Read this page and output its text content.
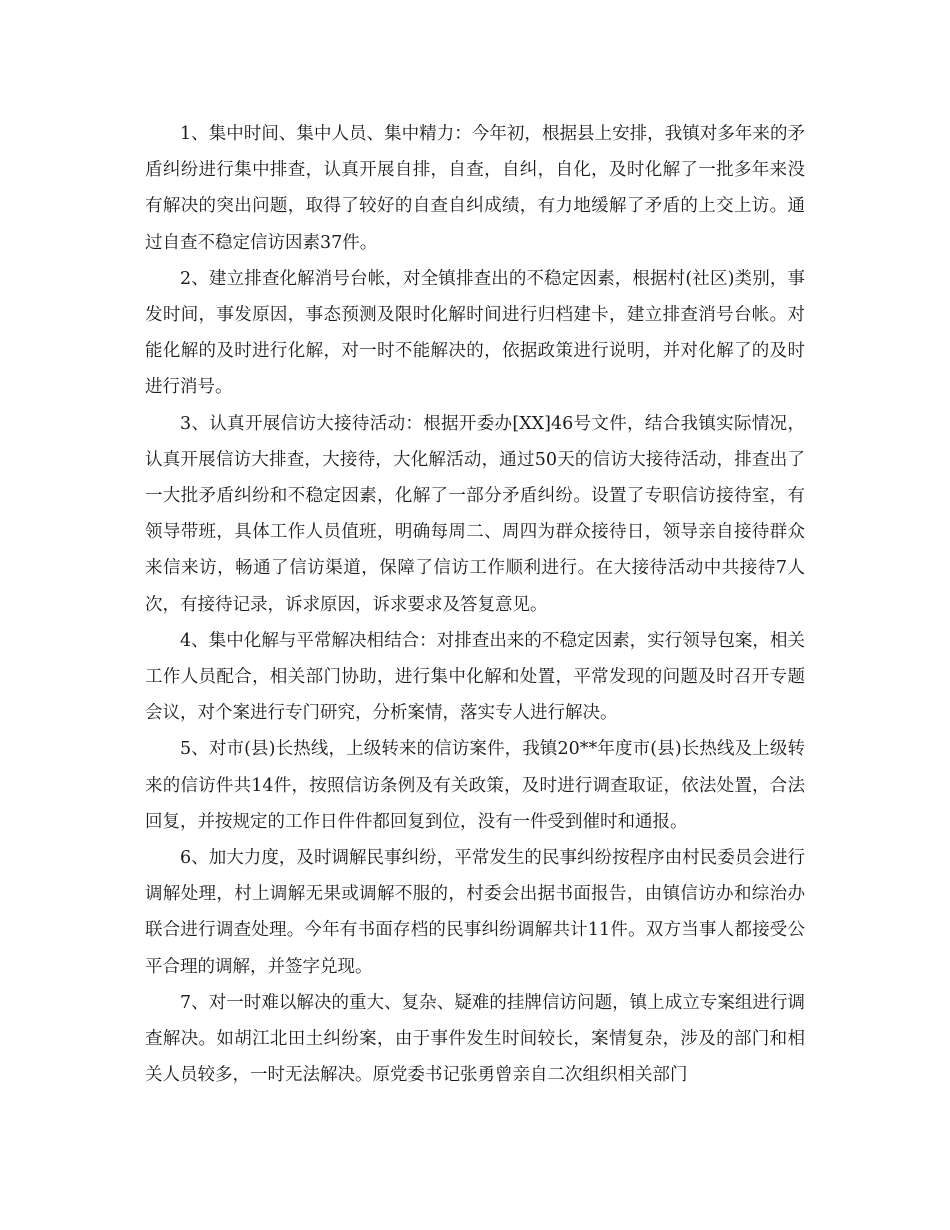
1、集中时间、集中人员、集中精力：今年初，根据县上安排，我镇对多年来的矛盾纠纷进行集中排查，认真开展自排，自查，自纠，自化，及时化解了一批多年来没有解决的突出问题，取得了较好的自查自纠成绩，有力地缓解了矛盾的上交上访。通过自查不稳定信访因素37件。

2、建立排查化解消号台帐，对全镇排查出的不稳定因素，根据村(社区)类别，事发时间，事发原因，事态预测及限时化解时间进行归档建卡，建立排查消号台帐。对能化解的及时进行化解，对一时不能解决的，依据政策进行说明，并对化解了的及时进行消号。

3、认真开展信访大接待活动：根据开委办[XX]46号文件，结合我镇实际情况，认真开展信访大排查，大接待，大化解活动，通过50天的信访大接待活动，排查出了一大批矛盾纠纷和不稳定因素，化解了一部分矛盾纠纷。设置了专职信访接待室，有领导带班，具体工作人员值班，明确每周二、周四为群众接待日，领导亲自接待群众来信来访，畅通了信访渠道，保障了信访工作顺利进行。在大接待活动中共接待7人次，有接待记录，诉求原因，诉求要求及答复意见。

4、集中化解与平常解决相结合：对排查出来的不稳定因素，实行领导包案，相关工作人员配合，相关部门协助，进行集中化解和处置，平常发现的问题及时召开专题会议，对个案进行专门研究，分析案情，落实专人进行解决。

5、对市(县)长热线，上级转来的信访案件，我镇20**年度市(县)长热线及上级转来的信访件共14件，按照信访条例及有关政策，及时进行调查取证，依法处置，合法回复，并按规定的工作日件件都回复到位，没有一件受到催时和通报。

6、加大力度，及时调解民事纠纷，平常发生的民事纠纷按程序由村民委员会进行调解处理，村上调解无果或调解不服的，村委会出据书面报告，由镇信访办和综治办联合进行调查处理。今年有书面存档的民事纠纷调解共计11件。双方当事人都接受公平合理的调解，并签字兑现。

7、对一时难以解决的重大、复杂、疑难的挂牌信访问题，镇上成立专案组进行调查解决。如胡江北田土纠纷案，由于事件发生时间较长，案情复杂，涉及的部门和相关人员较多，一时无法解决。原党委书记张勇曾亲自二次组织相关部门
